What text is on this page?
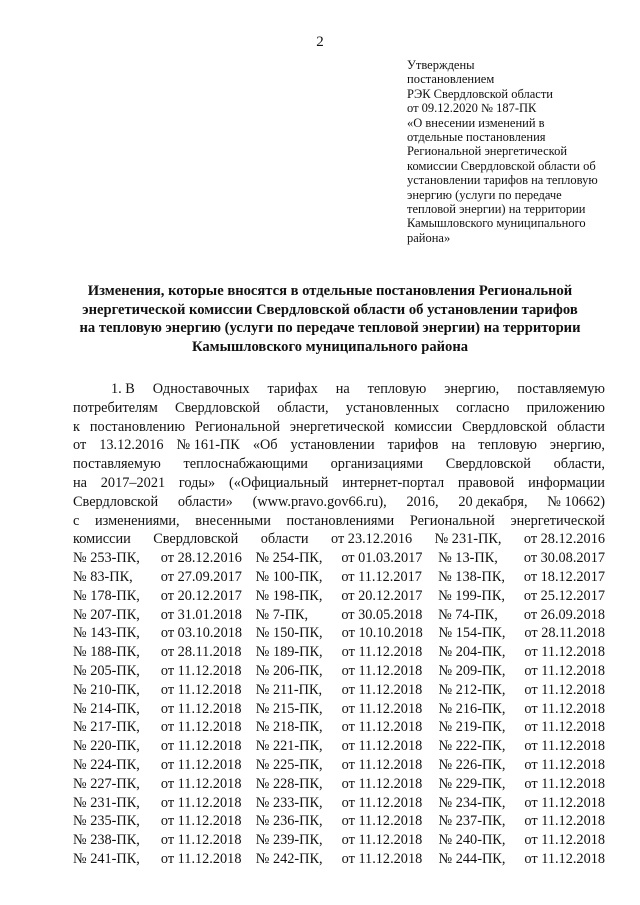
2
Утверждены
постановлением
РЭК Свердловской области
от 09.12.2020 № 187-ПК
«О внесении изменений в
отдельные постановления
Региональной энергетической
комиссии Свердловской области об
установлении тарифов на тепловую
энергию (услуги по передаче
тепловой энергии) на территории
Камышловского муниципального
района»
Изменения, которые вносятся в отдельные постановления Региональной
энергетической комиссии Свердловской области об установлении тарифов
на тепловую энергию (услуги по передаче тепловой энергии) на территории
Камышловского муниципального района
1. В Одноставочных тарифах на тепловую энергию, поставляемую
потребителям Свердловской области, установленных согласно приложению
к постановлению Региональной энергетической комиссии Свердловской области
от 13.12.2016 № 161-ПК «Об установлении тарифов на тепловую энергию,
поставляемую теплоснабжающими организациями Свердловской области,
на 2017–2021 годы» («Официальный интернет-портал правовой информации
Свердловской области» (www.pravo.gov66.ru), 2016, 20 декабря, № 10662)
с изменениями, внесенными постановлениями Региональной энергетической
комиссии Свердловской области от 23.12.2016 № 231-ПК, от 28.12.2016
№ 253-ПК,	от 28.12.2016 № 254-ПК,	от 01.03.2017	№ 13-ПК,	от 30.08.2017
№ 83-ПК,	от 27.09.2017 № 100-ПК,	от 11.12.2017	№ 138-ПК,	от 18.12.2017
№ 178-ПК,	от 20.12.2017 № 198-ПК,	от 20.12.2017	№ 199-ПК,	от 25.12.2017
№ 207-ПК,	от 31.01.2018 № 7-ПК,	от 30.05.2018	№ 74-ПК,	от 26.09.2018
№ 143-ПК,	от 03.10.2018 № 150-ПК,	от 10.10.2018	№ 154-ПК,	от 28.11.2018
№ 188-ПК,	от 28.11.2018 № 189-ПК,	от 11.12.2018	№ 204-ПК,	от 11.12.2018
№ 205-ПК,	от 11.12.2018 № 206-ПК,	от 11.12.2018	№ 209-ПК,	от 11.12.2018
№ 210-ПК,	от 11.12.2018 № 211-ПК,	от 11.12.2018	№ 212-ПК,	от 11.12.2018
№ 214-ПК,	от 11.12.2018 № 215-ПК,	от 11.12.2018	№ 216-ПК,	от 11.12.2018
№ 217-ПК,	от 11.12.2018 № 218-ПК,	от 11.12.2018	№ 219-ПК,	от 11.12.2018
№ 220-ПК,	от 11.12.2018 № 221-ПК,	от 11.12.2018	№ 222-ПК,	от 11.12.2018
№ 224-ПК,	от 11.12.2018 № 225-ПК,	от 11.12.2018	№ 226-ПК,	от 11.12.2018
№ 227-ПК,	от 11.12.2018 № 228-ПК,	от 11.12.2018	№ 229-ПК,	от 11.12.2018
№ 231-ПК,	от 11.12.2018 № 233-ПК,	от 11.12.2018	№ 234-ПК,	от 11.12.2018
№ 235-ПК,	от 11.12.2018 № 236-ПК,	от 11.12.2018	№ 237-ПК,	от 11.12.2018
№ 238-ПК,	от 11.12.2018 № 239-ПК,	от 11.12.2018	№ 240-ПК,	от 11.12.2018
№ 241-ПК,	от 11.12.2018 № 242-ПК,	от 11.12.2018	№ 244-ПК,	от 11.12.2018
